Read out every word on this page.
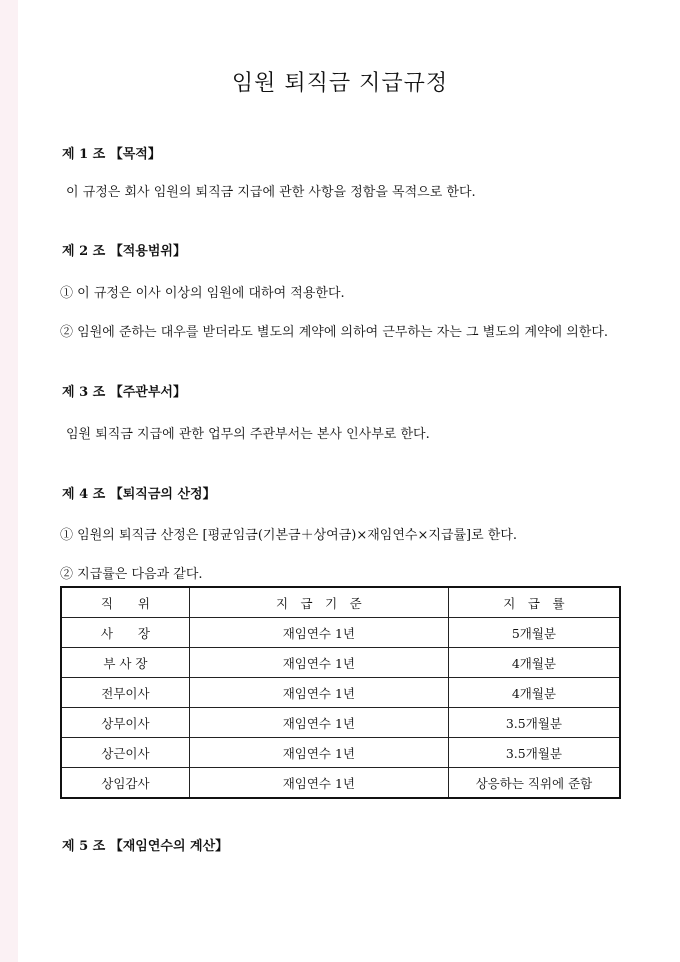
임원 퇴직금 지급규정
제 1 조 【목적】
이 규정은 회사 임원의 퇴직금 지급에 관한 사항을 정함을 목적으로 한다.
제 2 조 【적용범위】
① 이 규정은 이사 이상의 임원에 대하여 적용한다.
② 임원에 준하는 대우를 받더라도 별도의 계약에 의하여 근무하는 자는 그 별도의 계약에 의한다.
제 3 조 【주관부서】
임원 퇴직금 지급에 관한 업무의 주관부서는 본사 인사부로 한다.
제 4 조 【퇴직금의 산정】
① 임원의 퇴직금 산정은 [평균임금(기본금＋상여금)×재임연수×지급률]로 한다.
② 지급률은 다음과 같다.
직　　위	지　급　기　준	지　급　률
사　　장	재임연수 1년	5개월분
부 사 장	재임연수 1년	4개월분
전무이사	재임연수 1년	4개월분
상무이사	재임연수 1년	3.5개월분
상근이사	재임연수 1년	3.5개월분
상임감사	재임연수 1년	상응하는 직위에 준함
제 5 조 【재임연수의 계산】
